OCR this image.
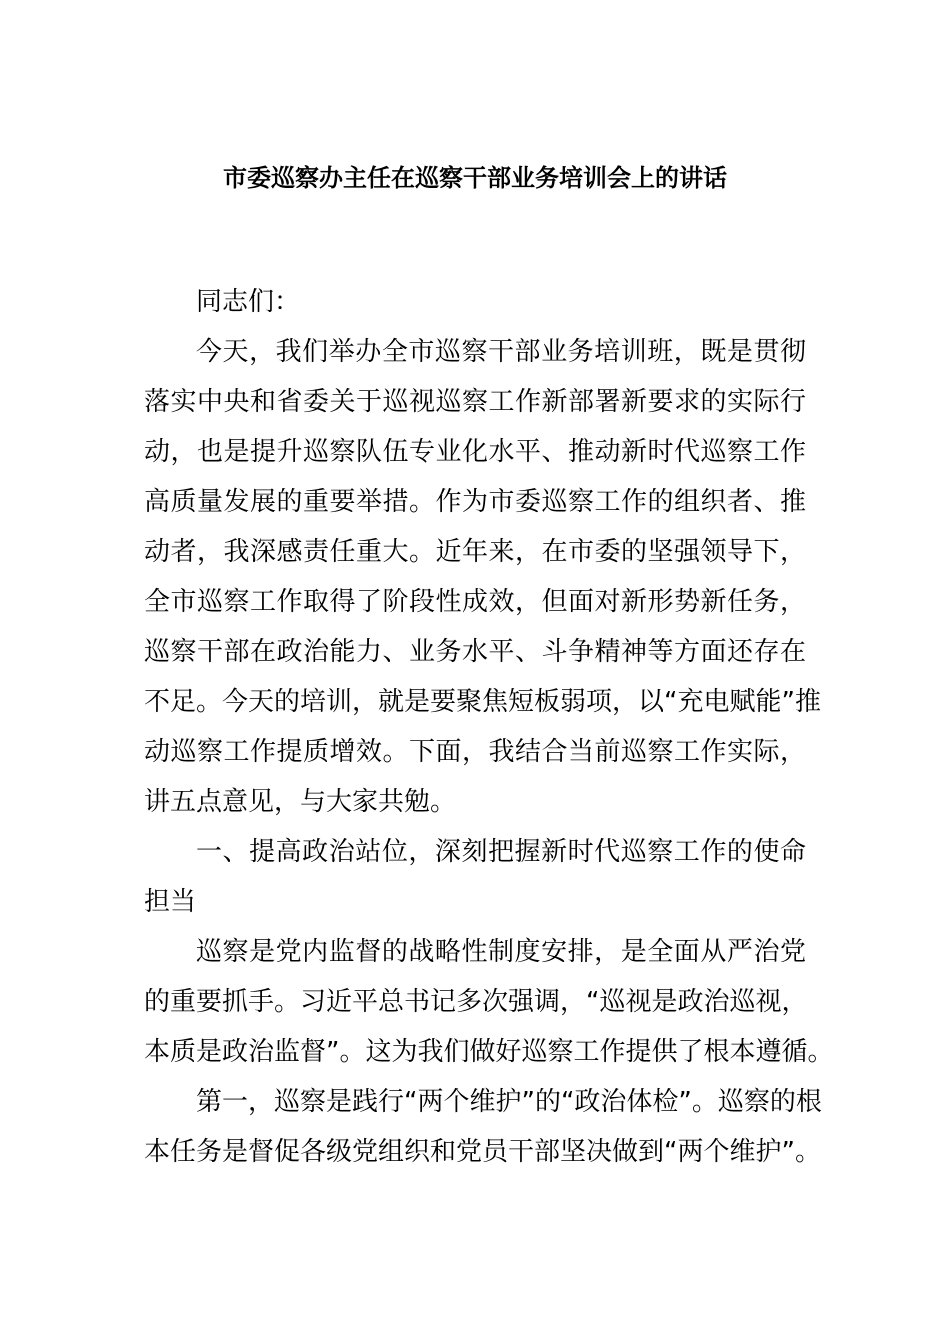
市委巡察办主任在巡察干部业务培训会上的讲话
同志们：
今天，我们举办全市巡察干部业务培训班，既是贯彻
落实中央和省委关于巡视巡察工作新部署新要求的实际行
动，也是提升巡察队伍专业化水平、推动新时代巡察工作
高质量发展的重要举措。作为市委巡察工作的组织者、推
动者，我深感责任重大。近年来，在市委的坚强领导下，
全市巡察工作取得了阶段性成效，但面对新形势新任务，
巡察干部在政治能力、业务水平、斗争精神等方面还存在
不足。今天的培训，就是要聚焦短板弱项，以“充电赋能”推
动巡察工作提质增效。下面，我结合当前巡察工作实际，
讲五点意见，与大家共勉。
一、提高政治站位，深刻把握新时代巡察工作的使命
担当
巡察是党内监督的战略性制度安排，是全面从严治党
的重要抓手。习近平总书记多次强调，“巡视是政治巡视，
本质是政治监督”。这为我们做好巡察工作提供了根本遵循。
第一，巡察是践行“两个维护”的“政治体检”。巡察的根
本任务是督促各级党组织和党员干部坚决做到“两个维护”。
